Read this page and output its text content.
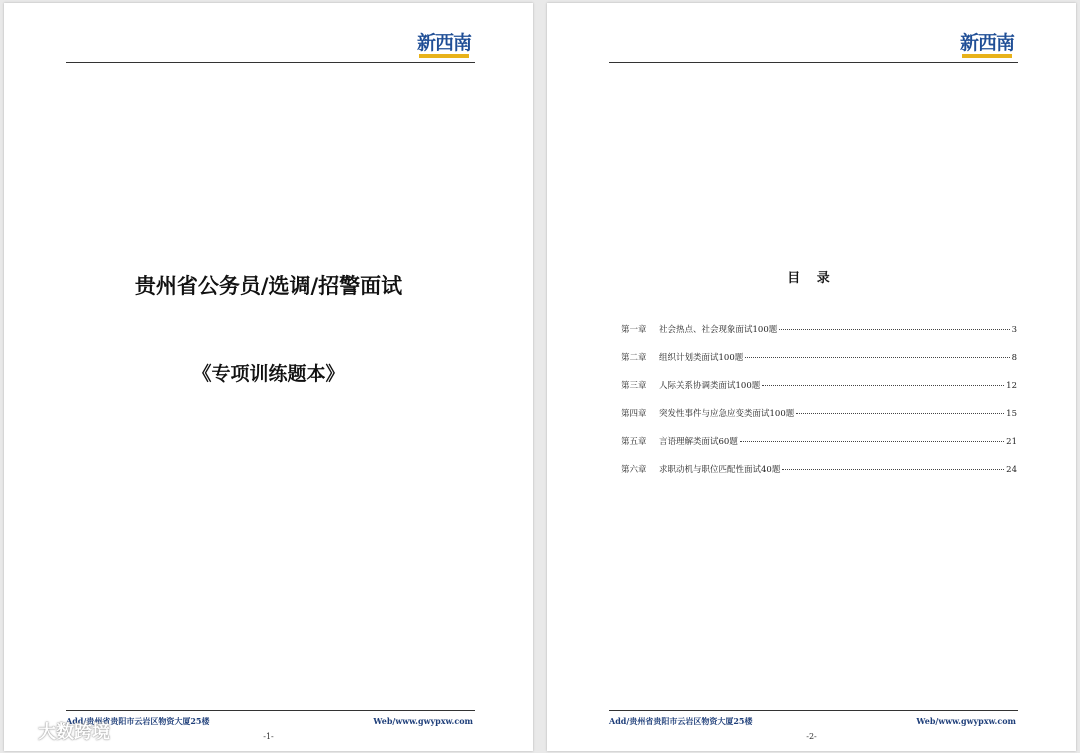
新西南
贵州省公务员/选调/招警面试
《专项训练题本》
Add/贵州省贵阳市云岩区物资大厦25楼	Web/www.gwypxw.com
-1-
新西南
目 录
第一章	社会热点、社会现象面试100题	3
第二章	组织计划类面试100题	8
第三章	人际关系协调类面试100题	12
第四章	突发性事件与应急应变类面试100题	15
第五章	言语理解类面试60题	21
第六章	求职动机与职位匹配性面试40题	24
Add/贵州省贵阳市云岩区物资大厦25楼	Web/www.gwypxw.com
-2-
大数跨境
